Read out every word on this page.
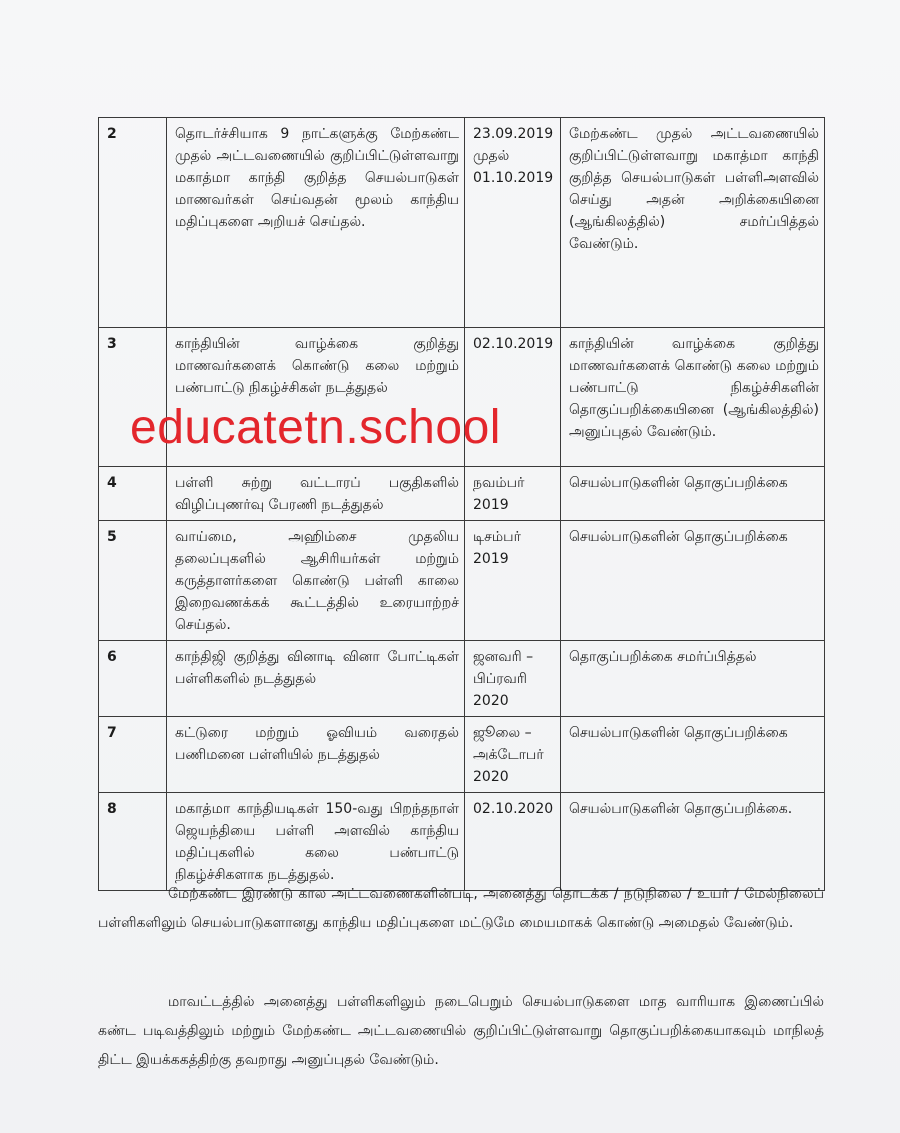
2	தொடர்ச்சியாக 9 நாட்களுக்கு மேற்கண்ட முதல் அட்டவணையில் குறிப்பிட்டுள்ளவாறு மகாத்மா காந்தி குறித்த செயல்பாடுகள் மாணவர்கள் செய்வதன் மூலம் காந்திய மதிப்புகளை அறியச் செய்தல்.	23.09.2019 முதல் 01.10.2019	மேற்கண்ட முதல் அட்டவணையில் குறிப்பிட்டுள்ளவாறு மகாத்மா காந்தி குறித்த செயல்பாடுகள் பள்ளிஅளவில் செய்து அதன் அறிக்கையினை (ஆங்கிலத்தில்) சமர்ப்பித்தல் வேண்டும்.
3	காந்தியின் வாழ்க்கை குறித்து மாணவர்களைக் கொண்டு கலை மற்றும் பண்பாட்டு நிகழ்ச்சிகள் நடத்துதல்	02.10.2019	காந்தியின் வாழ்க்கை குறித்து மாணவர்களைக் கொண்டு கலை மற்றும் பண்பாட்டு நிகழ்ச்சிகளின் தொகுப்பறிக்கையினை (ஆங்கிலத்தில்) அனுப்புதல் வேண்டும்.
4	பள்ளி சுற்று வட்டாரப் பகுதிகளில் விழிப்புணர்வு பேரணி நடத்துதல்	நவம்பர் 2019	செயல்பாடுகளின் தொகுப்பறிக்கை
5	வாய்மை, அஹிம்சை முதலிய தலைப்புகளில் ஆசிரியர்கள் மற்றும் கருத்தாளர்களை கொண்டு பள்ளி காலை இறைவணக்கக் கூட்டத்தில் உரையாற்றச் செய்தல்.	டிசம்பர் 2019	செயல்பாடுகளின் தொகுப்பறிக்கை
6	காந்திஜி குறித்து வினாடி வினா போட்டிகள் பள்ளிகளில் நடத்துதல்	ஜனவரி – பிப்ரவரி 2020	தொகுப்பறிக்கை சமர்ப்பித்தல்
7	கட்டுரை மற்றும் ஓவியம் வரைதல் பணிமனை பள்ளியில் நடத்துதல்	ஜூலை – அக்டோபர் 2020	செயல்பாடுகளின் தொகுப்பறிக்கை
8	மகாத்மா காந்தியடிகள் 150-வது பிறந்தநாள் ஜெயந்தியை பள்ளி அளவில் காந்திய மதிப்புகளில் கலை பண்பாட்டு நிகழ்ச்சிகளாக நடத்துதல்.	02.10.2020	செயல்பாடுகளின் தொகுப்பறிக்கை.
educatetn.school

மேற்கண்ட இரண்டு கால அட்டவணைகளின்படி, அனைத்து தொடக்க / நடுநிலை / உயர் / மேல்நிலைப் பள்ளிகளிலும் செயல்பாடுகளானது காந்திய மதிப்புகளை மட்டுமே மையமாகக் கொண்டு அமைதல் வேண்டும்.

மாவட்டத்தில் அனைத்து பள்ளிகளிலும் நடைபெறும் செயல்பாடுகளை மாத வாரியாக இணைப்பில் கண்ட படிவத்திலும் மற்றும் மேற்கண்ட அட்டவணையில் குறிப்பிட்டுள்ளவாறு தொகுப்பறிக்கையாகவும் மாநிலத் திட்ட இயக்ககத்திற்கு தவறாது அனுப்புதல் வேண்டும்.
